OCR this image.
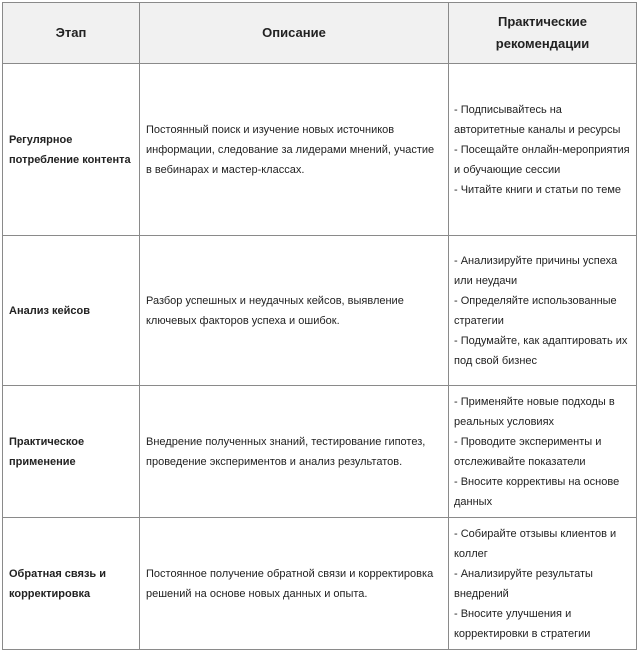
Этап	Описание	Практические рекомендации
Регулярное потребление контента	Постоянный поиск и изучение новых источников информации, следование за лидерами мнений, участие в вебинарах и мастер-классах.	- Подписывайтесь на авторитетные каналы и ресурсы
- Посещайте онлайн-мероприятия и обучающие сессии
- Читайте книги и статьи по теме

Анализ кейсов	Разбор успешных и неудачных кейсов, выявление ключевых факторов успеха и ошибок.	- Анализируйте причины успеха или неудачи
- Определяйте использованные стратегии
- Подумайте, как адаптировать их под свой бизнес

Практическое применение	Внедрение полученных знаний, тестирование гипотез, проведение экспериментов и анализ результатов.	- Применяйте новые подходы в реальных условиях
- Проводите эксперименты и отслеживайте показатели
- Вносите коррективы на основе данных

Обратная связь и корректировка	Постоянное получение обратной связи и корректировка решений на основе новых данных и опыта.	- Собирайте отзывы клиентов и коллег
- Анализируйте результаты внедрений
- Вносите улучшения и корректировки в стратегии
